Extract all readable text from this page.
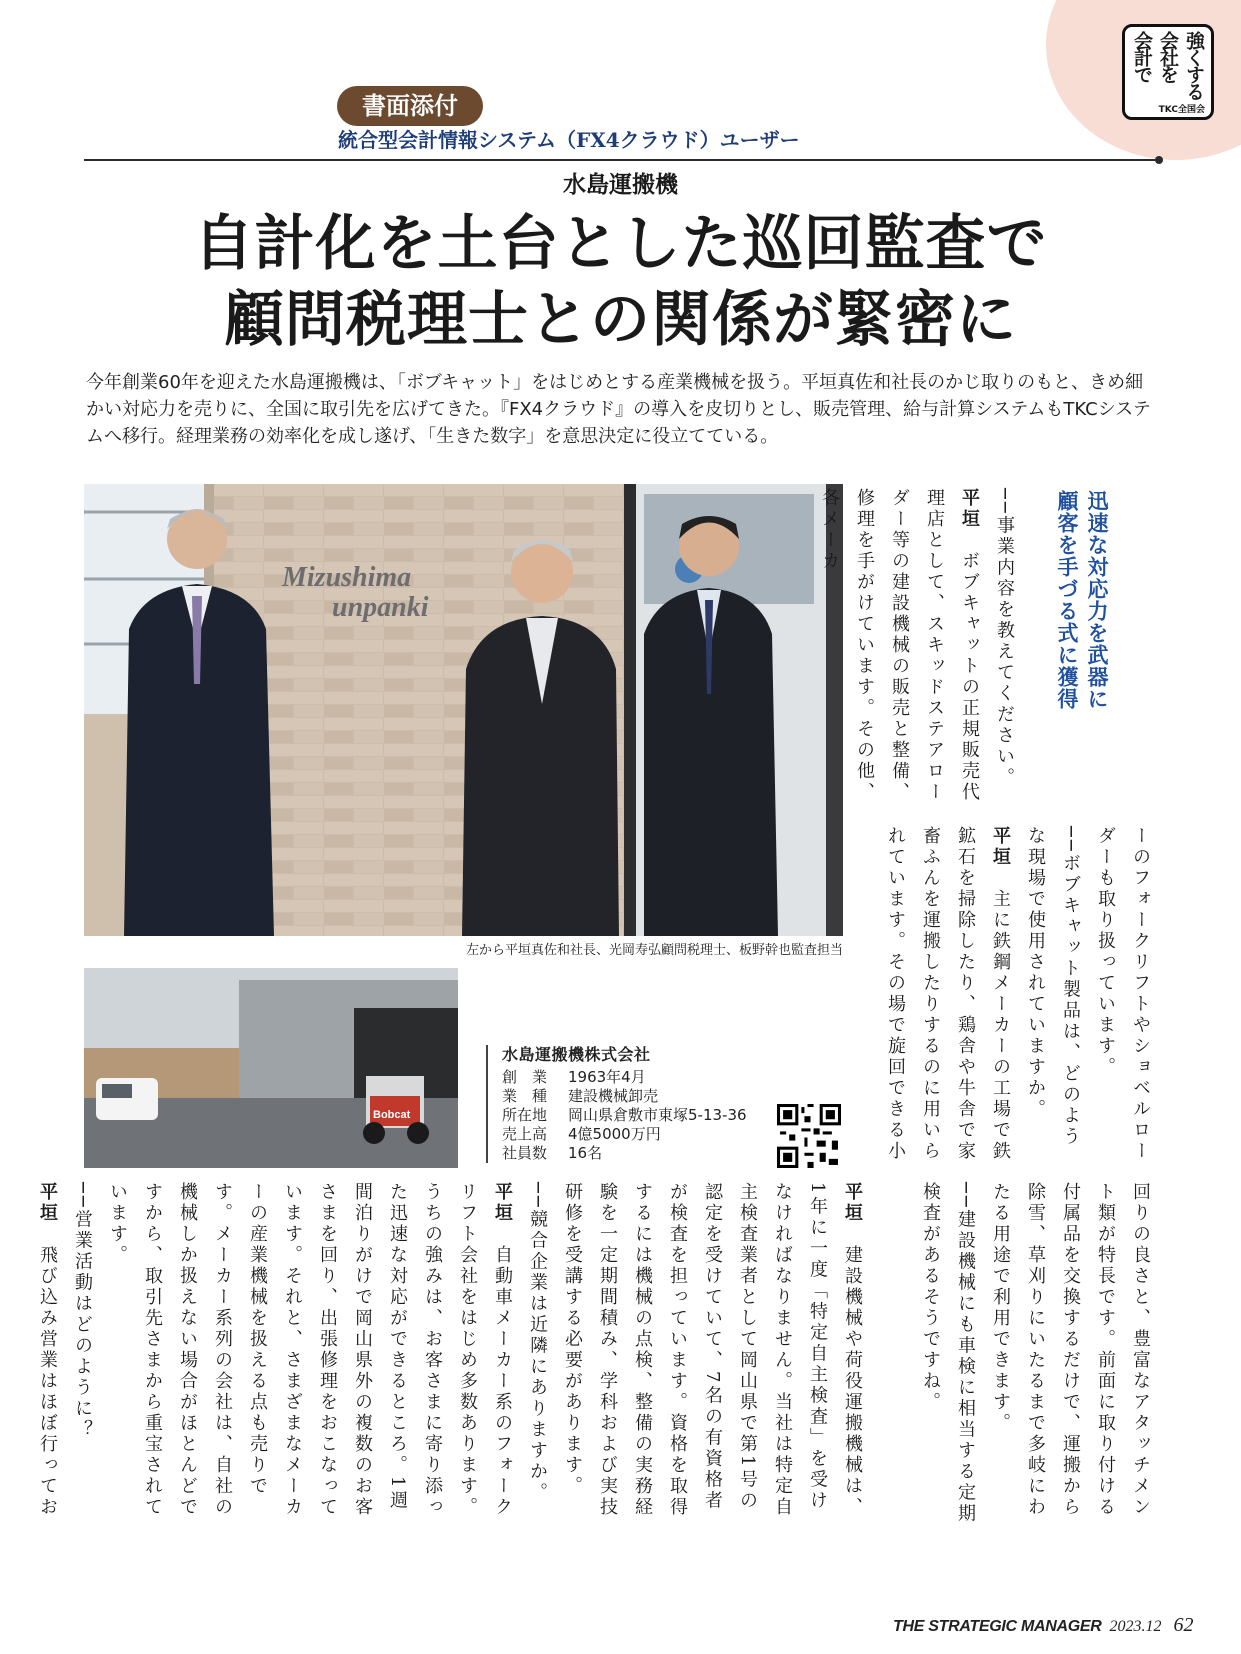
会計で 会社を 強くする
TKC全国会
書面添付
統合型会計情報システム（FX4クラウド）ユーザー
水島運搬機
自計化を土台とした巡回監査で
顧問税理士との関係が緊密に

今年創業60年を迎えた水島運搬機は、「ボブキャット」をはじめとする産業機械を扱う。平垣真佐和社長のかじ取りのもと、きめ細かい対応力を売りに、全国に取引先を広げてきた。『FX4クラウド』の導入を皮切りとし、販売管理、給与計算システムもTKCシステムへ移行。経理業務の効率化を成し遂げ、「生きた数字」を意思決定に役立てている。

Mizushima
unpanki
左から平垣真佐和社長、光岡寿弘顧問税理士、板野幹也監査担当
Bobcat
水島運搬機株式会社
創　業	1963年4月
業　種	建設機械卸売
所在地	岡山県倉敷市東塚5-13-36
売上高	4億5000万円
社員数	16名
迅速な対応力を武器に
顧客を手づる式に獲得

──事業内容を教えてください。

平垣　ボブキャットの正規販売代理店として、スキッドステアローダー等の建設機械の販売と整備、修理を手がけています。その他、各メーカ

ーのフォークリフトやショベルローダーも取り扱っています。

──ボブキャット製品は、どのような現場で使用されていますか。

平垣　主に鉄鋼メーカーの工場で鉄鉱石を掃除したり、鶏舎や牛舎で家畜ふんを運搬したりするのに用いられています。その場で旋回できる小

回りの良さと、豊富なアタッチメント類が特長です。前面に取り付ける付属品を交換するだけで、運搬から除雪、草刈りにいたるまで多岐にわたる用途で利用できます。

──建設機械にも車検に相当する定期検査があるそうですね。

平垣　建設機械や荷役運搬機械は、1年に一度「特定自主検査」を受けなければなりません。当社は特定自主検査業者として岡山県で第1号の認定を受けていて、7名の有資格者が検査を担っています。資格を取得するには機械の点検、整備の実務経験を一定期間積み、学科および実技研修を受講する必要があります。

──競合企業は近隣にありますか。

平垣　自動車メーカー系のフォークリフト会社をはじめ多数あります。うちの強みは、お客さまに寄り添った迅速な対応ができるところ。1週間泊りがけで岡山県外の複数のお客さまを回り、出張修理をおこなっています。それと、さまざまなメーカーの産業機械を扱える点も売りです。メーカー系列の会社は、自社の機械しか扱えない場合がほとんどですから、取引先さまから重宝されています。

──営業活動はどのように？

平垣　飛び込み営業はほぼ行ってお

THE STRATEGIC MANAGER 2023.12 62
